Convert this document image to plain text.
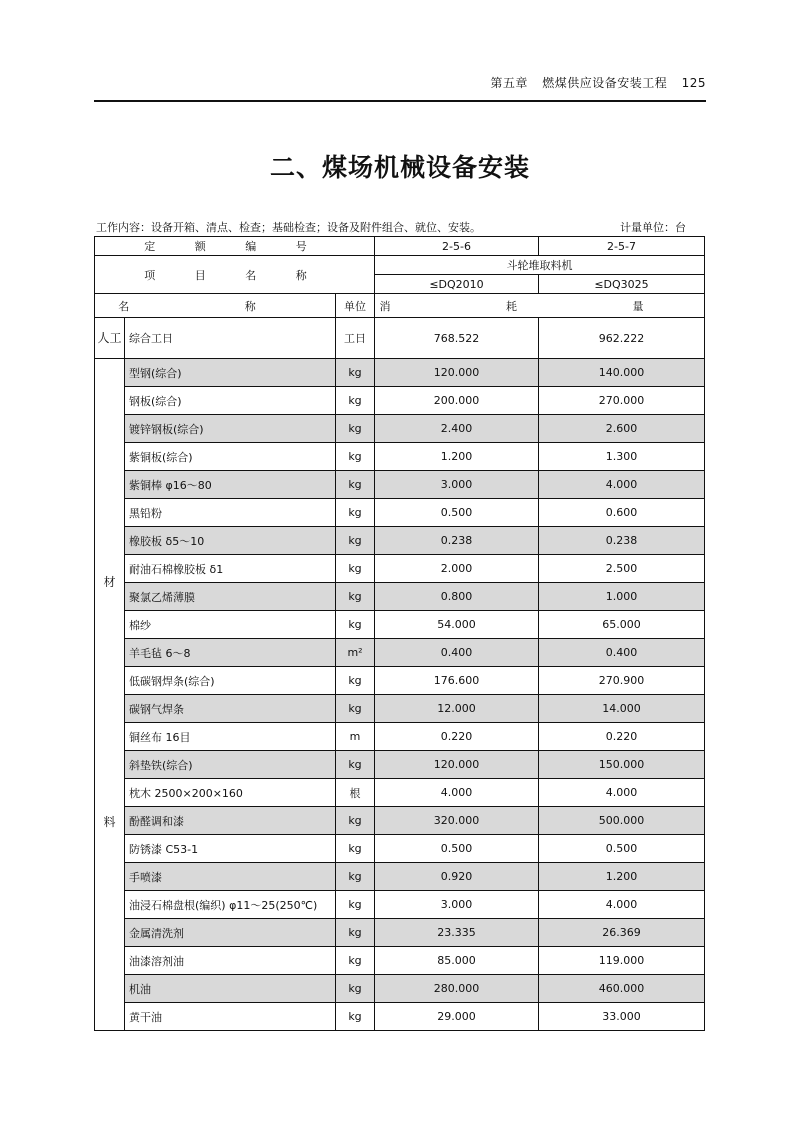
第五章 燃煤供应设备安装工程 125
二、煤场机械设备安装
工作内容：设备开箱、清点、检查；基础检查；设备及附件组合、就位、安装。	计量单位：台
定 额 编 号			2-5-6	2-5-7
项 目 名 称			斗轮堆取料机	
			≤DQ2010	≤DQ3025
名 称		单位	消 耗 量	
人工	综合工日	工日	768.522	962.222

材
料	型钢(综合)	kg	120.000	140.000
	钢板(综合)	kg	200.000	270.000
	镀锌钢板(综合)	kg	2.400	2.600
	紫铜板(综合)	kg	1.200	1.300
	紫铜棒 φ16～80	kg	3.000	4.000
	黑铅粉	kg	0.500	0.600
	橡胶板 δ5～10	kg	0.238	0.238
	耐油石棉橡胶板 δ1	kg	2.000	2.500
	聚氯乙烯薄膜	kg	0.800	1.000
	棉纱	kg	54.000	65.000
	羊毛毡 6～8	m²	0.400	0.400
	低碳钢焊条(综合)	kg	176.600	270.900
	碳钢气焊条	kg	12.000	14.000
	铜丝布 16目	m	0.220	0.220
	斜垫铁(综合)	kg	120.000	150.000
	枕木 2500×200×160	根	4.000	4.000
	酚醛调和漆	kg	320.000	500.000
	防锈漆 C53-1	kg	0.500	0.500
	手喷漆	kg	0.920	1.200
	油浸石棉盘根(编织) φ11～25(250℃)	kg	3.000	4.000
	金属清洗剂	kg	23.335	26.369
	油漆溶剂油	kg	85.000	119.000
	机油	kg	280.000	460.000
	黄干油	kg	29.000	33.000
